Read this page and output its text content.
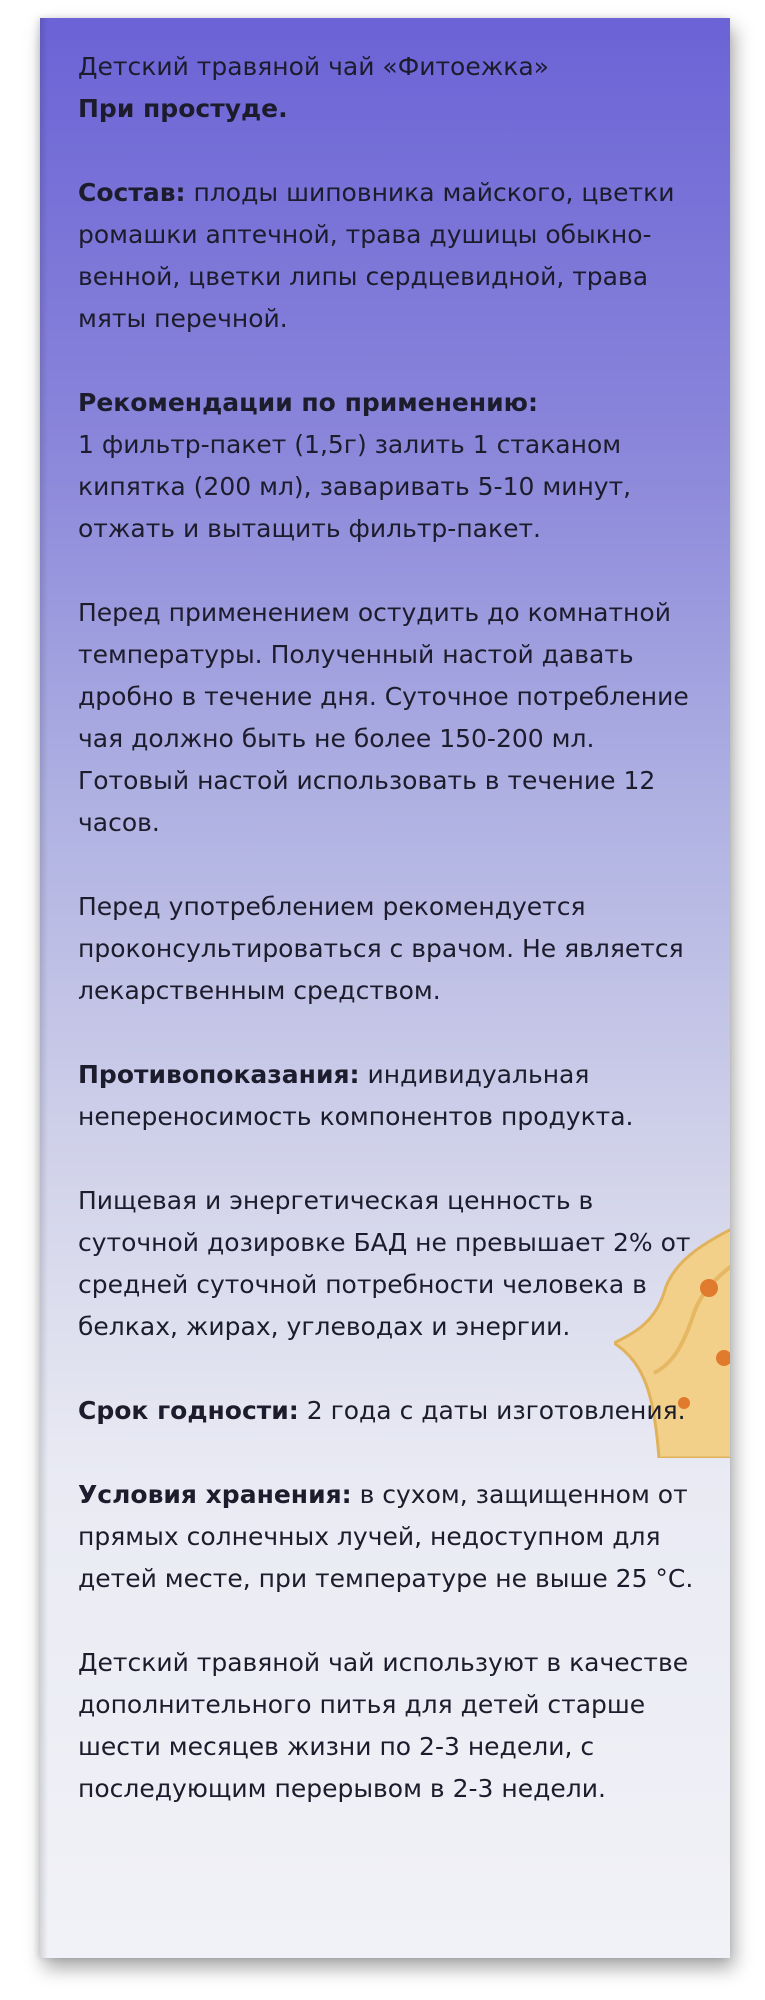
Детский травяной чай «Фитоежка»

При простуде.

Состав: плоды шиповника майского, цветки ромашки аптечной, трава душицы обыкно-венной, цветки липы сердцевидной, трава мяты перечной.

Рекомендации по применению:
1 фильтр-пакет (1,5г) залить 1 стаканом кипятка (200 мл), заваривать 5-10 минут, отжать и вытащить фильтр-пакет.

Перед применением остудить до комнатной температуры. Полученный настой давать дробно в течение дня. Суточное потребление чая должно быть не более 150-200 мл. Готовый настой использовать в течение 12 часов.

Перед употреблением рекомендуется проконсультироваться с врачом. Не является лекарственным средством.

Противопоказания: индивидуальная непереносимость компонентов продукта.

Пищевая и энергетическая ценность в суточной дозировке БАД не превышает 2% от средней суточной потребности человека в белках, жирах, углеводах и энергии.

Срок годности: 2 года с даты изготовления.

Условия хранения: в сухом, защищенном от прямых солнечных лучей, недоступном для детей месте, при температуре не выше 25 °С.

Детский травяной чай используют в качестве дополнительного питья для детей старше шести месяцев жизни по 2-3 недели, с последующим перерывом в 2-3 недели.
